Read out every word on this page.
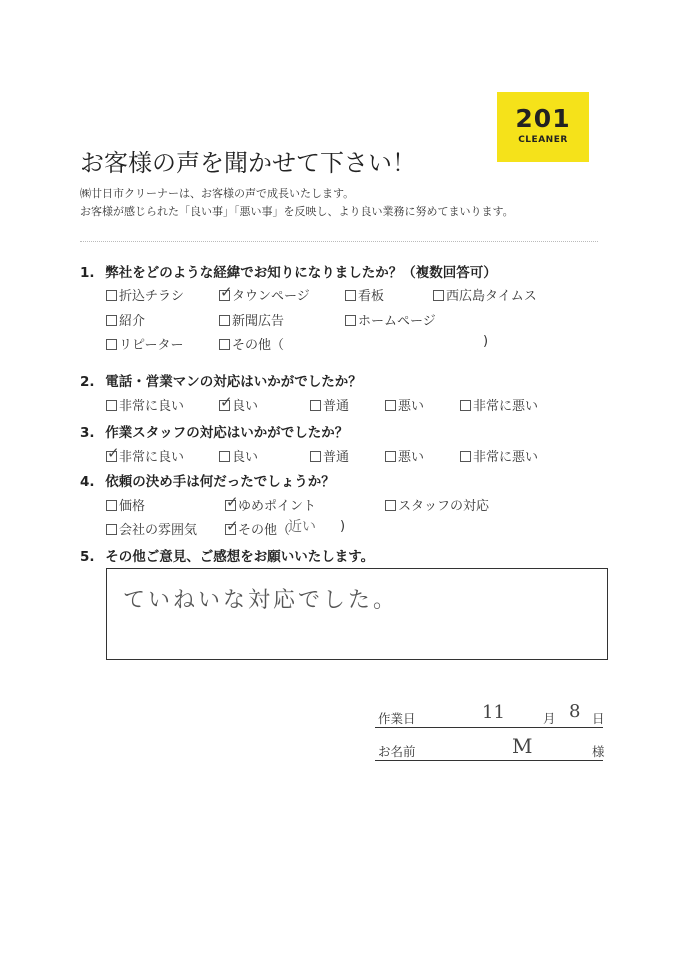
201
CLEANER
お客様の声を聞かせて下さい！
㈱廿日市クリーナーは、お客様の声で成長いたします。
お客様が感じられた「良い事」「悪い事」を反映し、より良い業務に努めてまいります。
1. 弊社をどのような経緯でお知りになりましたか？（複数回答可）
折込チラシ ✓ タウンページ	看板	西広島タイムス
紹介	新聞広告	ホームページ
リピーター	その他（	)
2. 電話・営業マンの対応はいかがでしたか？
非常に良い ✓ 良い	普通	悪い	非常に悪い
3. 作業スタッフの対応はいかがでしたか？
✓ 非常に良い	良い	普通	悪い	非常に悪い
4. 依頼の決め手は何だったでしょうか？
価格	✓ ゆめポイント	スタッフの対応
会社の雰囲気 ✓ その他（
近い )
5. その他ご意見、ご感想をお願いいたします。
ていねいな対応でした。
作業日	11	月 8 日
お名前	M	様
